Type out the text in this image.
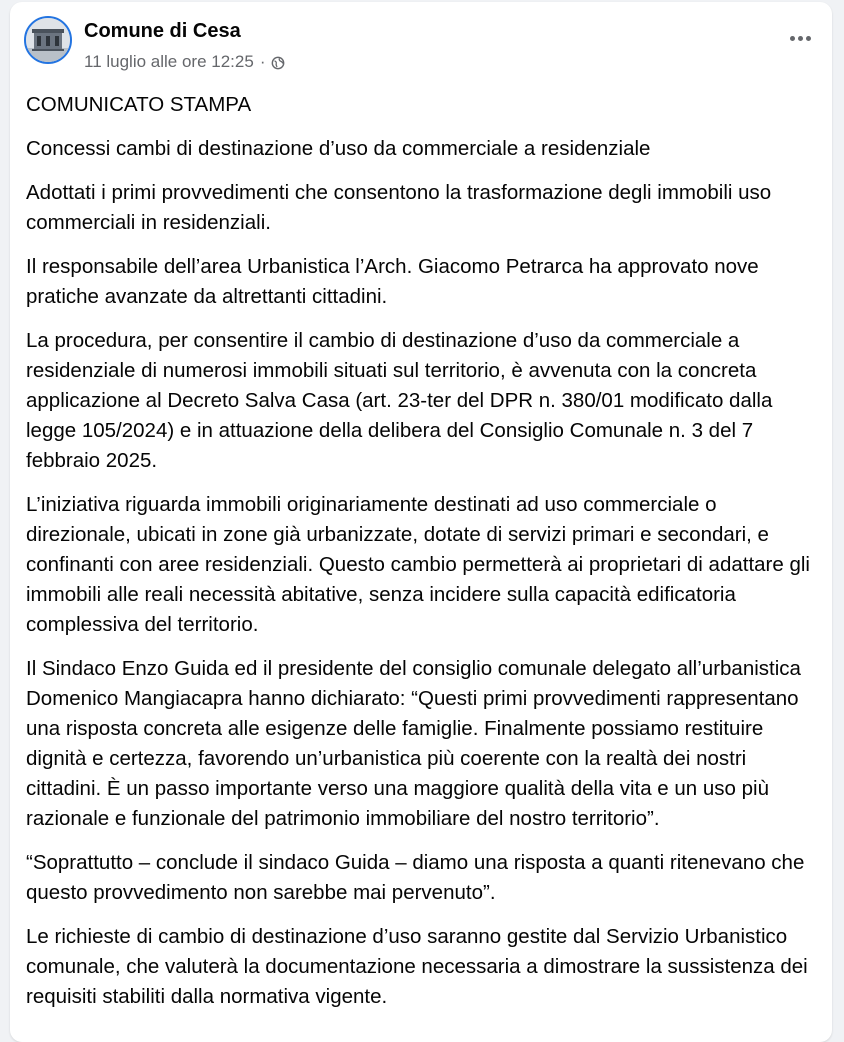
Comune di Cesa
11 luglio alle ore 12:25 ·

COMUNICATO STAMPA

Concessi cambi di destinazione d’uso da commerciale a residenziale

Adottati i primi provvedimenti che consentono la trasformazione degli immobili uso commerciali in residenziali.

Il responsabile dell’area Urbanistica l’Arch. Giacomo Petrarca ha approvato nove pratiche avanzate da altrettanti cittadini.

La procedura, per consentire il cambio di destinazione d’uso da commerciale a residenziale di numerosi immobili situati sul territorio, è avvenuta con la concreta applicazione al Decreto Salva Casa (art. 23-ter del DPR n. 380/01 modificato dalla legge 105/2024) e in attuazione della delibera del Consiglio Comunale n. 3 del 7 febbraio 2025.

L’iniziativa riguarda immobili originariamente destinati ad uso commerciale o direzionale, ubicati in zone già urbanizzate, dotate di servizi primari e secondari, e confinanti con aree residenziali. Questo cambio permetterà ai proprietari di adattare gli immobili alle reali necessità abitative, senza incidere sulla capacità edificatoria complessiva del territorio.

Il Sindaco Enzo Guida ed il presidente del consiglio comunale delegato all’urbanistica Domenico Mangiacapra hanno dichiarato: “Questi primi provvedimenti rappresentano una risposta concreta alle esigenze delle famiglie. Finalmente possiamo restituire dignità e certezza, favorendo un’urbanistica più coerente con la realtà dei nostri cittadini. È un passo importante verso una maggiore qualità della vita e un uso più razionale e funzionale del patrimonio immobiliare del nostro territorio”.

“Soprattutto – conclude il sindaco Guida – diamo una risposta a quanti ritenevano che questo provvedimento non sarebbe mai pervenuto”.

Le richieste di cambio di destinazione d’uso saranno gestite dal Servizio Urbanistico comunale, che valuterà la documentazione necessaria a dimostrare la sussistenza dei requisiti stabiliti dalla normativa vigente.
